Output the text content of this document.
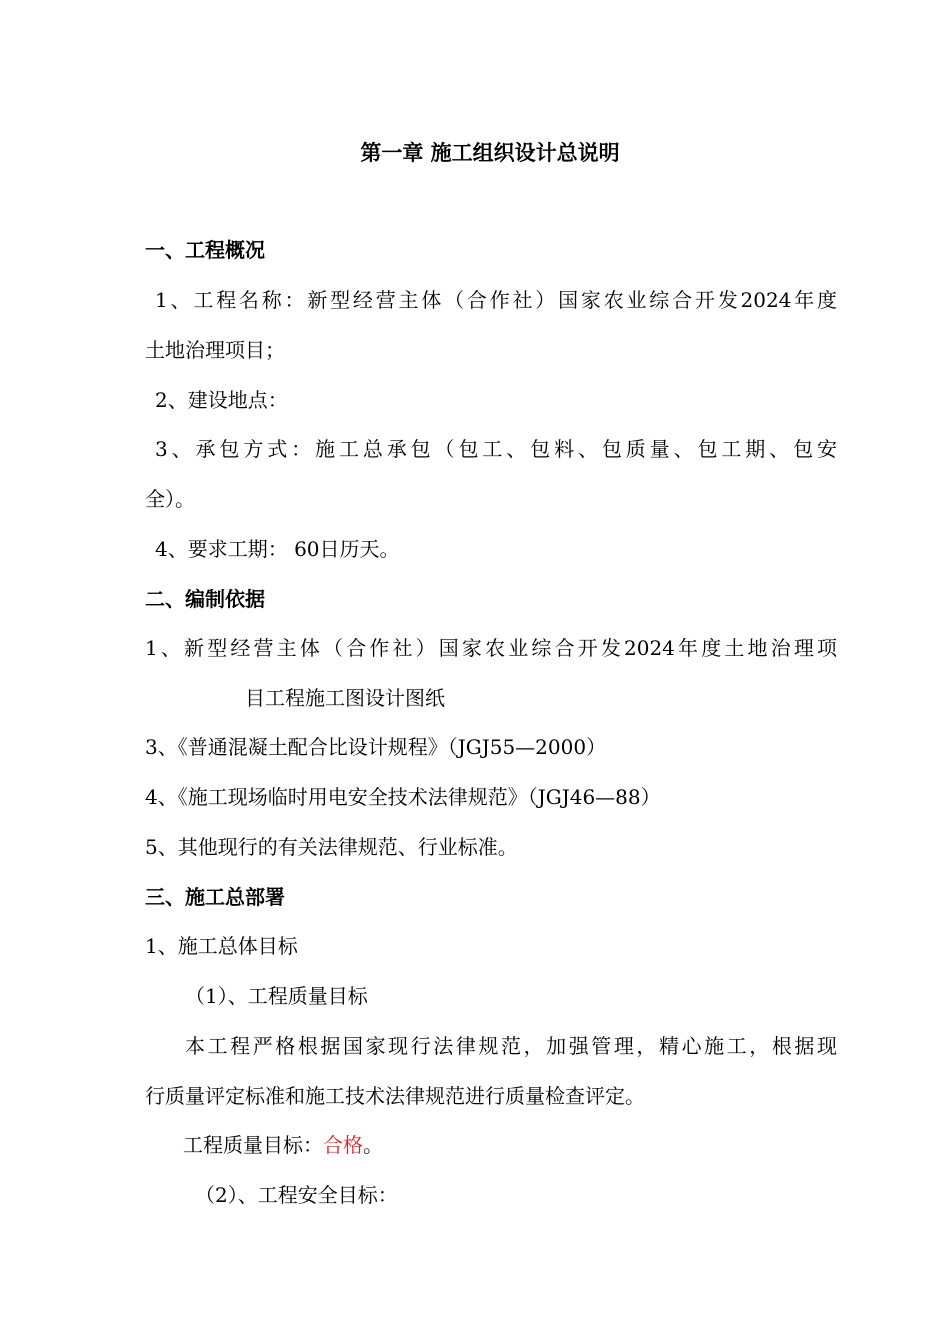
第一章 施工组织设计总说明
一、工程概况
1、工程名称：新型经营主体（合作社）国家农业综合开发2024年度
土地治理项目；
2、建设地点：
3、承包方式：施工总承包（包工、包料、包质量、包工期、包安
全）。
4、要求工期： 60日历天。
二、编制依据
1、新型经营主体（合作社）国家农业综合开发2024年度土地治理项
目工程施工图设计图纸
3、《普通混凝土配合比设计规程》（JGJ55—2000）
4、《施工现场临时用电安全技术法律规范》（JGJ46—88）
5、其他现行的有关法律规范、行业标准。
三、施工总部署
1、施工总体目标
（1）、工程质量目标
本工程严格根据国家现行法律规范，加强管理，精心施工，根据现
行质量评定标准和施工技术法律规范进行质量检查评定。
工程质量目标：合格。
（2）、工程安全目标：
